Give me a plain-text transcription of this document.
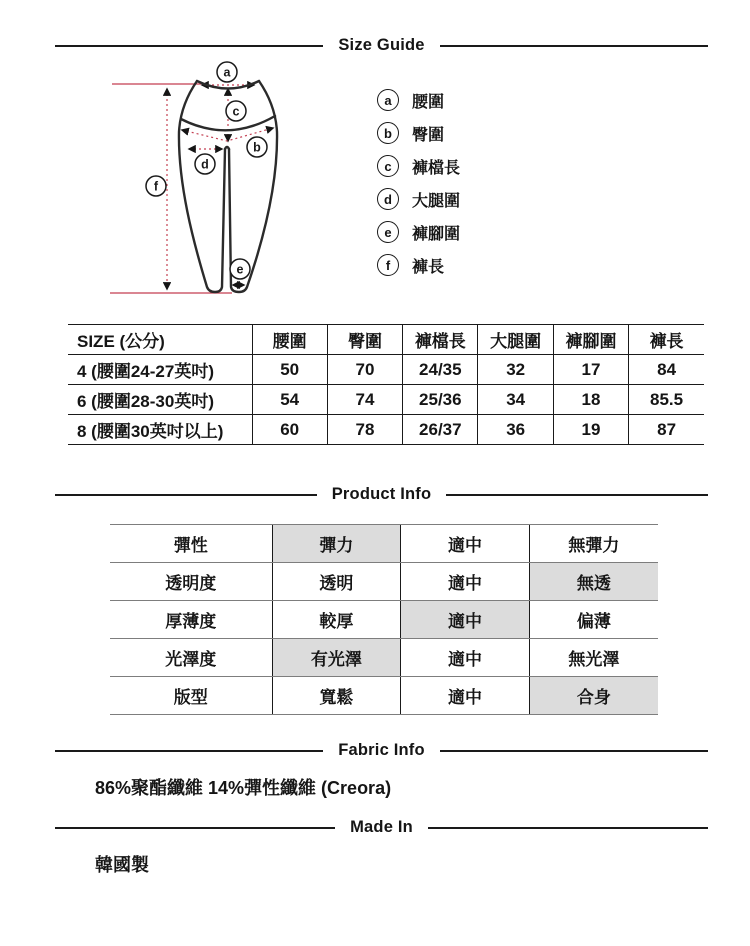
Size Guide
a
c
b
d
f
e
a	腰圍
b	臀圍
c	褲檔長
d	大腿圍
e	褲腳圍
f	褲長
SIZE (公分)	腰圍	臀圍	褲檔長	大腿圍	褲腳圍	褲長
4 (腰圍24-27英吋)	50	70	24/35	32	17	84
6 (腰圍28-30英吋)	54	74	25/36	34	18	85.5
8 (腰圍30英吋以上)	60	78	26/37	36	19	87
Product Info
彈性	彈力	適中	無彈力
透明度	透明	適中	無透
厚薄度	較厚	適中	偏薄
光澤度	有光澤	適中	無光澤
版型	寬鬆	適中	合身
Fabric Info
86%聚酯纖維 14%彈性纖維 (Creora)
Made In
韓國製
